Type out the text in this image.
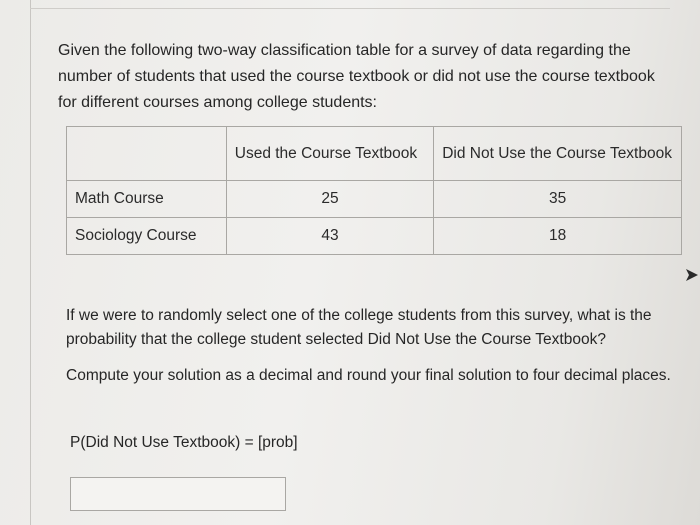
Given the following two-way classification table for a survey of data regarding the number of students that used the course textbook or did not use the course textbook for different courses among college students:
	Used the Course Textbook	Did Not Use the Course Textbook
Math Course	25	35
Sociology Course	43	18
If we were to randomly select one of the college students from this survey, what is the probability that the college student selected Did Not Use the Course Textbook?
Compute your solution as a decimal and round your final solution to four decimal places.
P(Did Not Use Textbook) = [prob]
